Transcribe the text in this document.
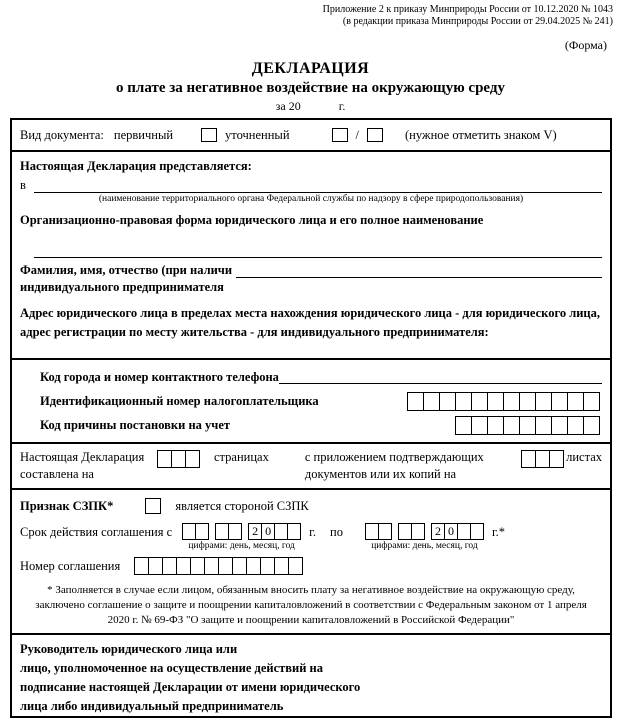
Приложение 2 к приказу Минприроды России от 10.12.2020 № 1043
(в редакции приказа Минприроды России от 29.04.2025 № 241)
(Форма)
ДЕКЛАРАЦИЯ
о плате за негативное воздействие на окружающую среду
за 20	г.
Вид документа: первичный	уточненный	/	(нужное отметить знаком V)
Настоящая Декларация представляется:
в
(наименование территориального органа Федеральной службы по надзору в сфере природопользования)
Организационно-правовая форма юридического лица и его полное наименование
Фамилия, имя, отчество (при наличи
индивидуального предпринимателя
Адрес юридического лица в пределах места нахождения юридического лица - для юридического лица, адрес регистрации по месту жительства - для индивидуального предпринимателя:
Код города и номер контактного телефона
Идентификационный номер налогоплательщика
Код причины постановки на учет
Настоящая Декларация
составлена на
страницах	с приложением подтверждающих
документов или их копий на
листах
Признак СЗПК*	является стороной СЗПК
Срок действия соглашения с	2 0
цифрами: день, месяц, год
г. по	2 0
цифрами: день, месяц, год
г.*
Номер соглашения
* Заполняется в случае если лицом, обязанным вносить плату за негативное воздействие на окружающую среду, заключено соглашение о защите и поощрении капиталовложений в соответствии с Федеральным законом от 1 апреля 2020 г. № 69-ФЗ "О защите и поощрении капиталовложений в Российской Федерации"
Руководитель юридического лица или
лицо, уполномоченное на осуществление действий на
подписание настоящей Декларации от имени юридического
лица либо индивидуальный предприниматель
